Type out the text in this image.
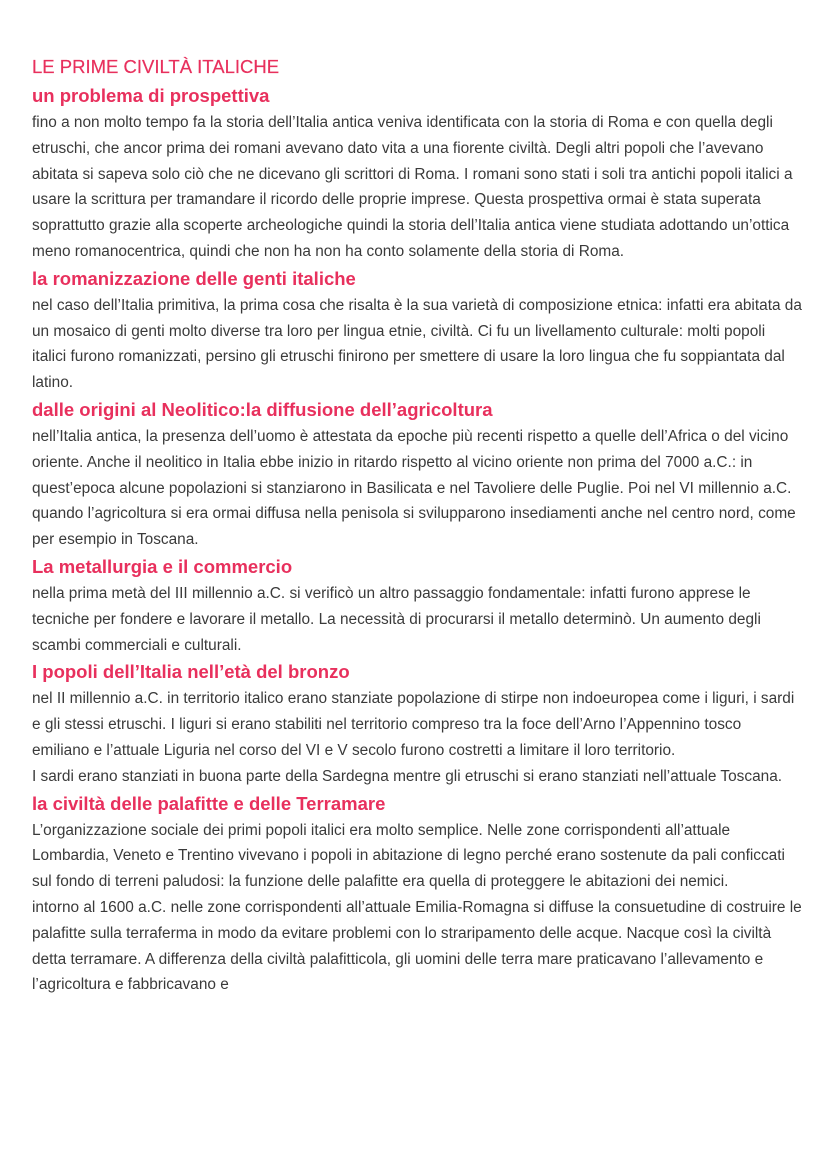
LE PRIME CIVILTÀ ITALICHE
un problema di prospettiva

fino a non molto tempo fa la storia dell’Italia antica veniva identificata con la storia di Roma e con quella degli etruschi, che ancor prima dei romani avevano dato vita a una fiorente civiltà. Degli altri popoli che l’avevano abitata si sapeva solo ciò che ne dicevano gli scrittori di Roma. I romani sono stati i soli tra antichi popoli italici a usare la scrittura per tramandare il ricordo delle proprie imprese. Questa prospettiva ormai è stata superata soprattutto grazie alla scoperte archeologiche quindi la storia dell’Italia antica viene studiata adottando un’ottica meno romanocentrica, quindi che non ha non ha conto solamente della storia di Roma.

la romanizzazione delle genti italiche

nel caso dell’Italia primitiva, la prima cosa che risalta è la sua varietà di composizione etnica: infatti era abitata da un mosaico di genti molto diverse tra loro per lingua etnie, civiltà. Ci fu un livellamento culturale: molti popoli italici furono romanizzati, persino gli etruschi finirono per smettere di usare la loro lingua che fu soppiantata dal latino.

dalle origini al Neolitico:la diffusione dell’agricoltura

nell’Italia antica, la presenza dell’uomo è attestata da epoche più recenti rispetto a quelle dell’Africa o del vicino oriente. Anche il neolitico in Italia ebbe inizio in ritardo rispetto al vicino oriente non prima del 7000 a.C.: in quest’epoca alcune popolazioni si stanziarono in Basilicata e nel Tavoliere delle Puglie. Poi nel VI millennio a.C. quando l’agricoltura si era ormai diffusa nella penisola si svilupparono insediamenti anche nel centro nord, come per esempio in Toscana.

La metallurgia e il commercio

nella prima metà del III millennio a.C. si verificò un altro passaggio fondamentale: infatti furono apprese le tecniche per fondere e lavorare il metallo. La necessità di procurarsi il metallo determinò. Un aumento degli scambi commerciali e culturali.

I popoli dell’Italia nell’età del bronzo

nel II millennio a.C. in territorio italico erano stanziate popolazione di stirpe non indoeuropea come i liguri, i sardi e gli stessi etruschi. I liguri si erano stabiliti nel territorio compreso tra la foce dell’Arno l’Appennino tosco emiliano e l’attuale Liguria nel corso del VI e V secolo furono costretti a limitare il loro territorio.

I sardi erano stanziati in buona parte della Sardegna mentre gli etruschi si erano stanziati nell’attuale Toscana.

la civiltà delle palafitte e delle Terramare

L’organizzazione sociale dei primi popoli italici era molto semplice. Nelle zone corrispondenti all’attuale Lombardia, Veneto e Trentino vivevano i popoli in abitazione di legno perché erano sostenute da pali conficcati sul fondo di terreni paludosi: la funzione delle palafitte era quella di proteggere le abitazioni dei nemici.

intorno al 1600 a.C. nelle zone corrispondenti all’attuale Emilia-Romagna si diffuse la consuetudine di costruire le palafitte sulla terraferma in modo da evitare problemi con lo straripamento delle acque. Nacque così la civiltà detta terramare. A differenza della civiltà palafitticola, gli uomini delle terra mare praticavano l’allevamento e l’agricoltura e fabbricavano e
